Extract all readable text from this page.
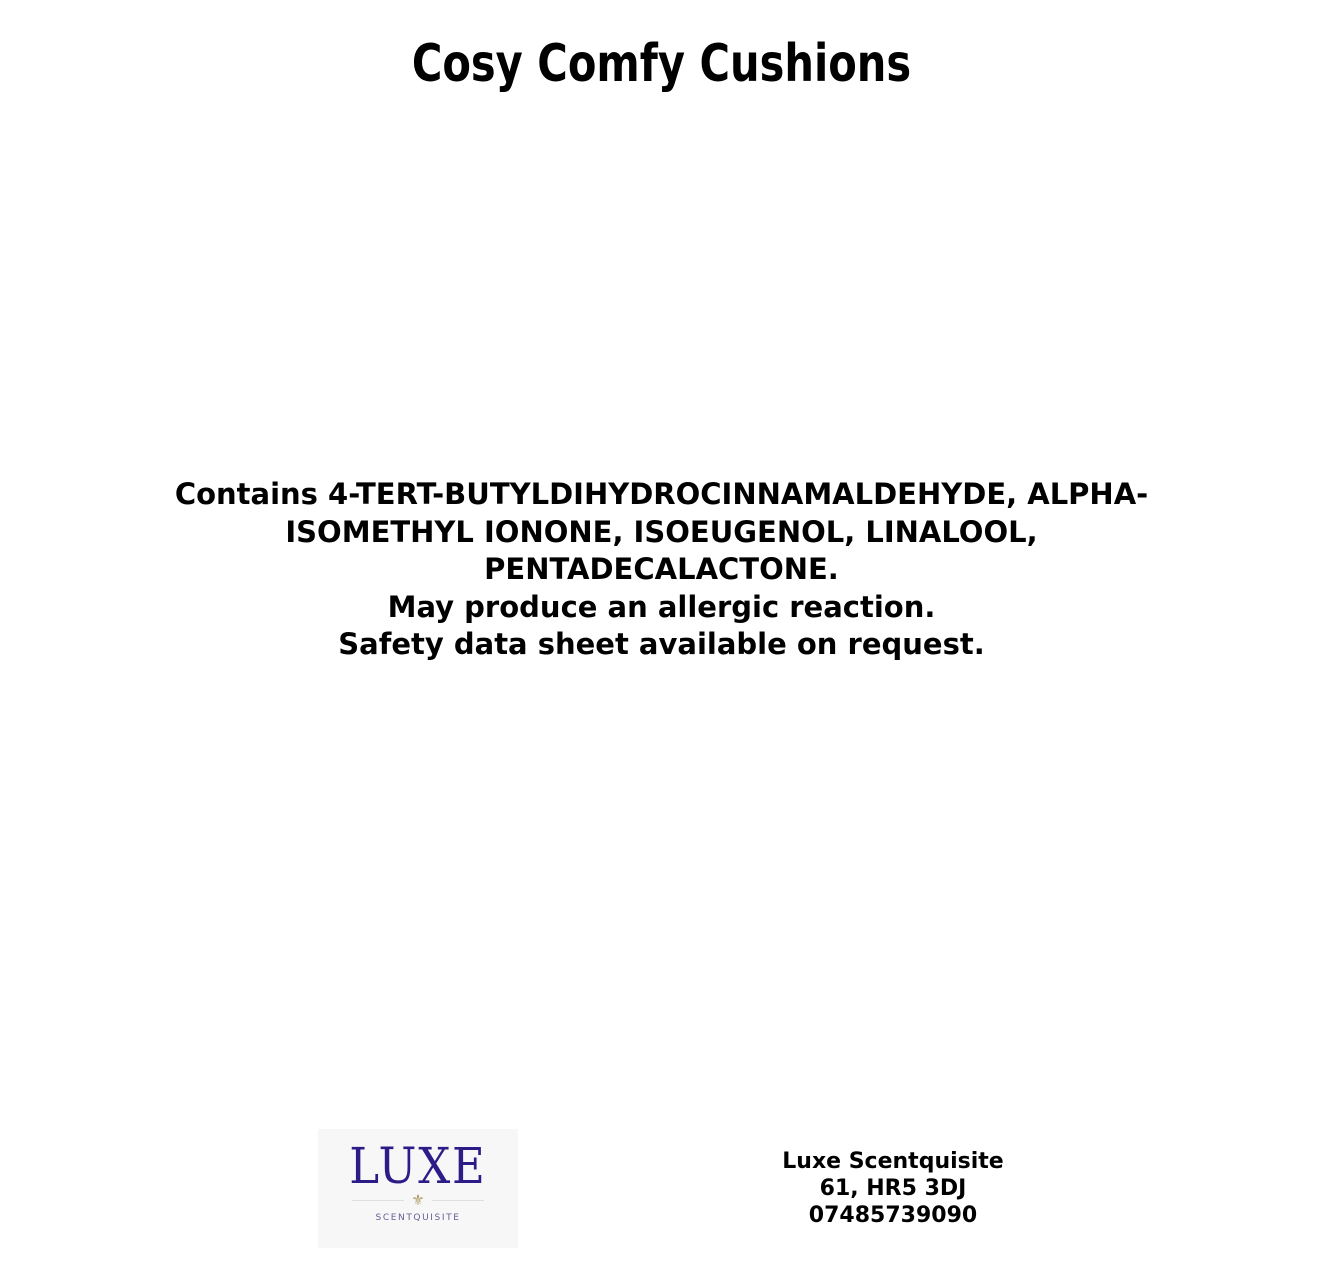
Cosy Comfy Cushions
Contains 4-TERT-BUTYLDIHYDROCINNAMALDEHYDE, ALPHA-
ISOMETHYL IONONE, ISOEUGENOL, LINALOOL,
PENTADECALACTONE.
May produce an allergic reaction.
Safety data sheet available on request.
LUXE
⚜
SCENTQUISITE
Luxe Scentquisite
61, HR5 3DJ
07485739090
